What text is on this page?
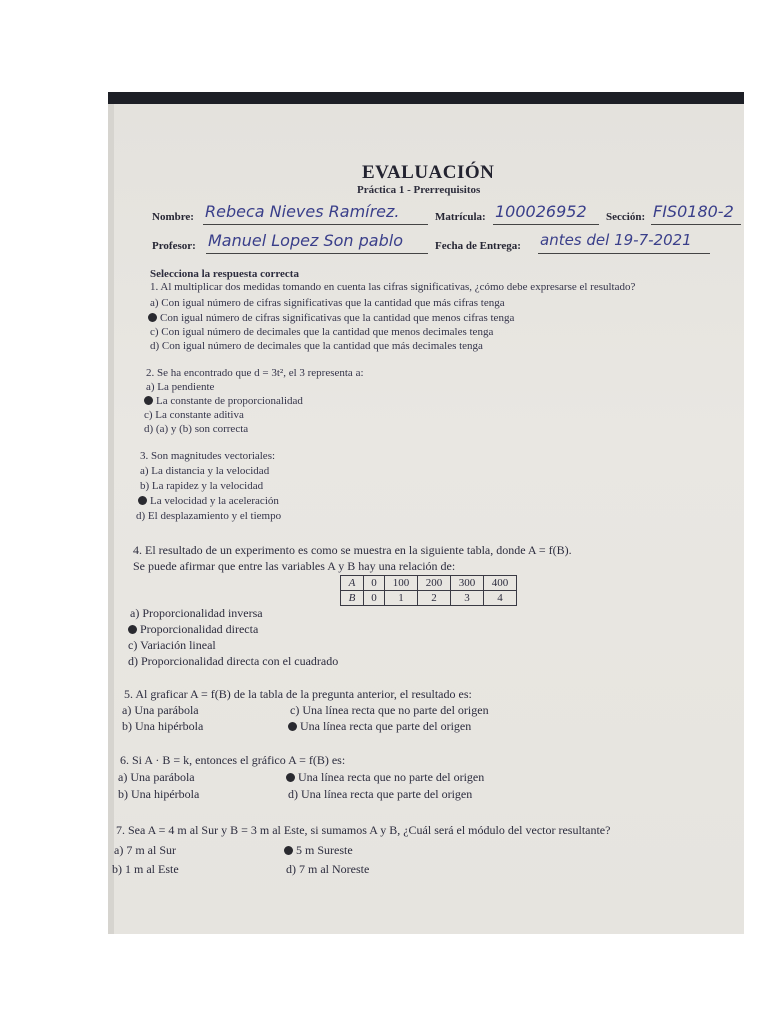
EVALUACIÓN
Práctica 1 - Prerrequisitos
Nombre: Rebeca Nieves Ramírez.	Matrícula: 100026952 Sección: FIS0180-2
Profesor: Manuel Lopez Son pablo	Fecha de Entrega: antes del 19-7-2021
Selecciona la respuesta correcta
1. Al multiplicar dos medidas tomando en cuenta las cifras significativas, ¿cómo debe expresarse el resultado?
a) Con igual número de cifras significativas que la cantidad que más cifras tenga
Con igual número de cifras significativas que la cantidad que menos cifras tenga
c) Con igual número de decimales que la cantidad que menos decimales tenga
d) Con igual número de decimales que la cantidad que más decimales tenga
2. Se ha encontrado que d = 3t², el 3 representa a:
a) La pendiente
La constante de proporcionalidad
c) La constante aditiva
d) (a) y (b) son correcta
3. Son magnitudes vectoriales:
a) La distancia y la velocidad
b) La rapidez y la velocidad
La velocidad y la aceleración
d) El desplazamiento y el tiempo
4. El resultado de un experimento es como se muestra en la siguiente tabla, donde A = f(B).
Se puede afirmar que entre las variables A y B hay una relación de:
A	0	100	200	300	400
B	0	1	2	3	4
a) Proporcionalidad inversa
Proporcionalidad directa
c) Variación lineal
d) Proporcionalidad directa con el cuadrado
5. Al graficar A = f(B) de la tabla de la pregunta anterior, el resultado es:
a) Una parábola
b) Una hipérbola
c) Una línea recta que no parte del origen
Una línea recta que parte del origen
6. Si A · B = k, entonces el gráfico A = f(B) es:
a) Una parábola
b) Una hipérbola
Una línea recta que no parte del origen
d) Una línea recta que parte del origen
7. Sea A = 4 m al Sur y B = 3 m al Este, si sumamos A y B, ¿Cuál será el módulo del vector resultante?
a) 7 m al Sur
b) 1 m al Este
5 m Sureste
d) 7 m al Noreste
